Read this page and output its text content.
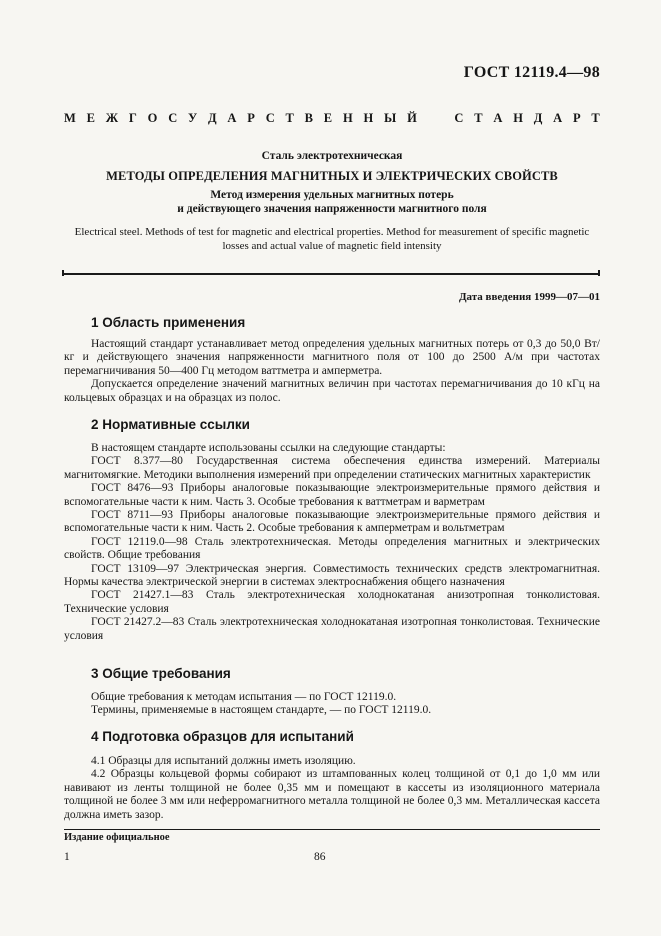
ГОСТ 12119.4—98
М Е Ж Г О С У Д А Р С Т В Е Н Н Ы Й	С Т А Н Д А Р Т
Сталь электротехническая
МЕТОДЫ ОПРЕДЕЛЕНИЯ МАГНИТНЫХ И ЭЛЕКТРИЧЕСКИХ СВОЙСТВ
Метод измерения удельных магнитных потерь
и действующего значения напряженности магнитного поля
Electrical steel. Methods of test for magnetic and electrical properties. Method for measurement of specific magnetic
losses and actual value of magnetic field intensity
Дата введения 1999—07—01
1 Область применения

Настоящий стандарт устанавливает метод определения удельных магнитных потерь от 0,3 до 50,0 Вт/кг и действующего значения напряженности магнитного поля от 100 до 2500 А/м при частотах перемагничивания 50—400 Гц методом ваттметра и амперметра.

Допускается определение значений магнитных величин при частотах перемагничивания до 10 кГц на кольцевых образцах и на образцах из полос.

2 Нормативные ссылки

В настоящем стандарте использованы ссылки на следующие стандарты:

ГОСТ 8.377—80 Государственная система обеспечения единства измерений. Материалы магнитомягкие. Методики выполнения измерений при определении статических магнитных характеристик

ГОСТ 8476—93 Приборы аналоговые показывающие электроизмерительные прямого действия и вспомогательные части к ним. Часть 3. Особые требования к ваттметрам и варметрам

ГОСТ 8711—93 Приборы аналоговые показывающие электроизмерительные прямого действия и вспомогательные части к ним. Часть 2. Особые требования к амперметрам и вольтметрам

ГОСТ 12119.0—98 Сталь электротехническая. Методы определения магнитных и электрических свойств. Общие требования

ГОСТ 13109—97 Электрическая энергия. Совместимость технических средств электромагнитная. Нормы качества электрической энергии в системах электроснабжения общего назначения

ГОСТ 21427.1—83 Сталь электротехническая холоднокатаная анизотропная тонколистовая. Технические условия

ГОСТ 21427.2—83 Сталь электротехническая холоднокатаная изотропная тонколистовая. Технические условия

3 Общие требования

Общие требования к методам испытания — по ГОСТ 12119.0.

Термины, применяемые в настоящем стандарте, — по ГОСТ 12119.0.

4 Подготовка образцов для испытаний

4.1 Образцы для испытаний должны иметь изоляцию.

4.2 Образцы кольцевой формы собирают из штампованных колец толщиной от 0,1 до 1,0 мм или навивают из ленты толщиной не более 0,35 мм и помещают в кассеты из изоляционного материала толщиной не более 3 мм или неферромагнитного металла толщиной не более 0,3 мм. Металлическая кассета должна иметь зазор.

Издание официальное
1	86
